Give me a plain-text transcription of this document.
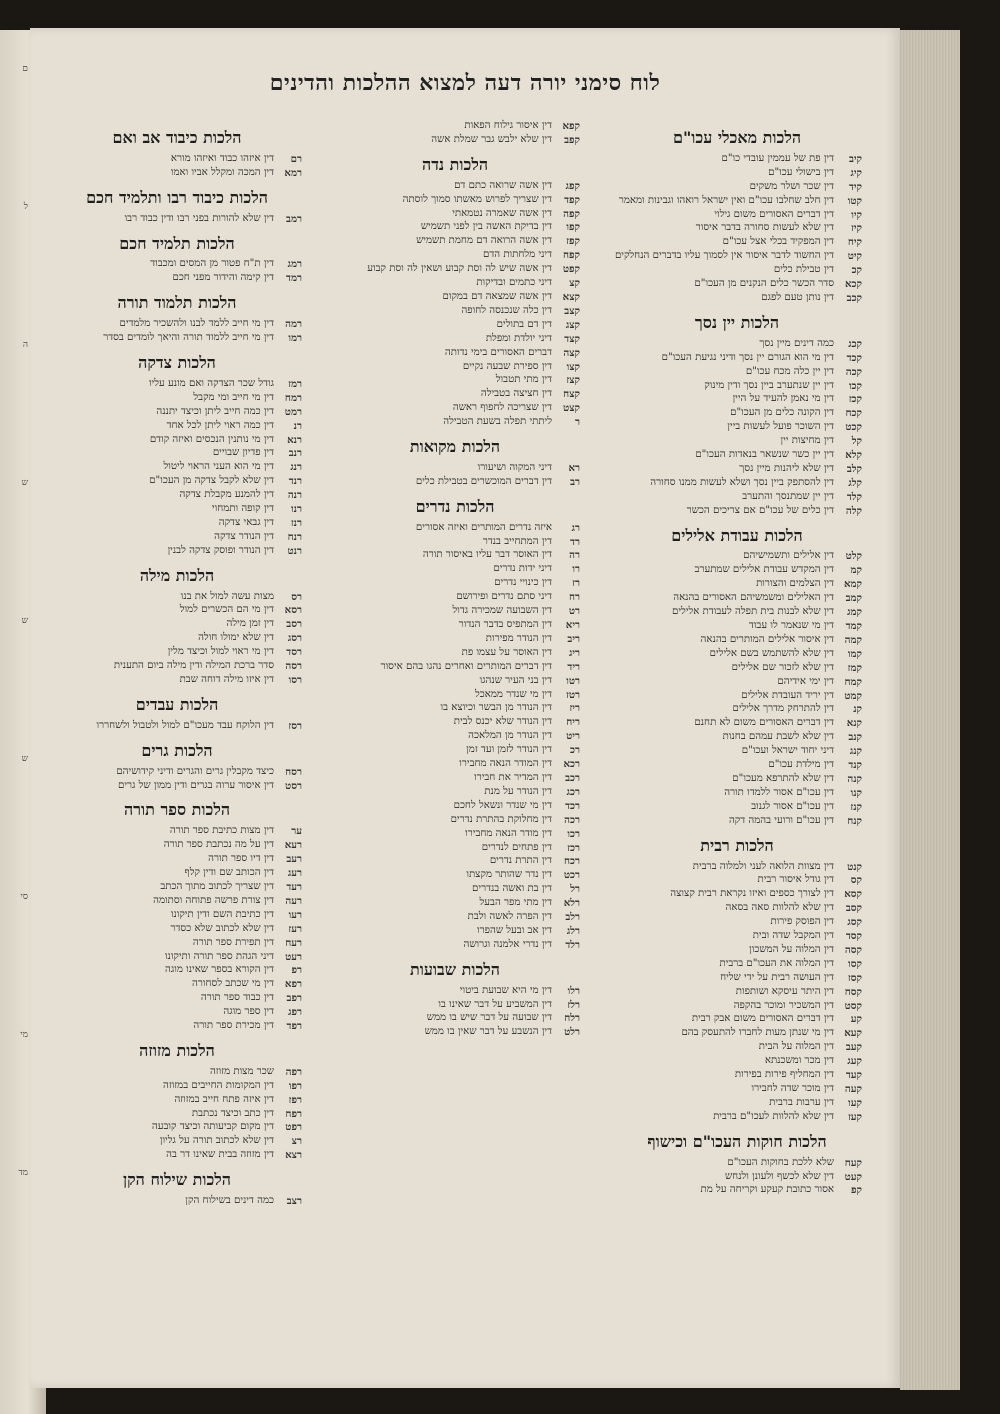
לוח סימני יורה דעה למצוא ההלכות והדינים
הלכות מאכלי עכו"ם
קיב
דין פת של עממין עובדי כו"ם
קיג
דין בישולי עכו"ם
קיד
דין שכר ושלר משקים
קטו
דין חלב שחלבו עכו"ם ואין ישראל רואהו וגבינות ומאמר
קיו
דין דברים האסורים משום גילוי
קיז
דין שלא לעשות סחורה בדבר איסור
קיח
דין המפקיד בכלי אצל עכו"ם
קיט
דין החשוד לדבר איסור אין לסמוך עליו בדברים הנחלקים
קכ
דין טבילת כלים
קכא
סדר הכשר כלים הנקנים מן העכו"ם
קכב
דין נותן טעם לפגם
הלכות יין נסך
קכג
כמה דינים מיין נסך
קכד
דין מי הוא הגורם יין נסך ודיני נגיעת העכו"ם
קכה
דין יין כלה מכח עכו"ם
קכו
דין יין שנתערב ביין נסך ודין מינוק
קכז
דין מי נאמן להעיד על היין
קכח
דין הקונה כלים מן העכו"ם
קכט
דין השוכר פועל לעשות ביין
קל
דין מחיצות יין
קלא
דין יין כשר שנשאר בנאדות העכו"ם
קלב
דין שלא ליהנות מיין נסך
קלג
דין להסתפק ביין נסך ושלא לעשות ממנו סחורה
קלד
דין יין שמתנסך והתערב
קלה
דין כלים של עכו"ם אם צריכים הכשר
הלכות עבודת אלילים
קלט
דין אלילים ותשמישיהם
קמ
דין המקדש עבודת אלילים שמתערב
קמא
דין הצלמים והצורות
קמב
דין האלילים ומשמשיהם האסורים בהנאה
קמג
דין שלא לבנות בית תפלה לעבודת אלילים
קמד
דין מי שנאמר לו עבוד
קמה
דין איסור אלילים המותרים בהנאה
קמו
דין שלא להשתמש בשם אלילים
קמז
דין שלא לזכור שם אלילים
קמח
דין ימי אידיהם
קמט
דין יריד העובדת אלילים
קנ
דין להתרחק מדרך אלילים
קנא
דין דברים האסורים משום לא תחנם
קנב
דין שלא לשבת עמהם בחנות
קנג
דיני יחוד ישראל ועכו"ם
קנד
דין מילדת עכו"ם
קנה
דין שלא להתרפא מעכו"ם
קנו
דין עכו"ם אסור ללמדו תורה
קנז
דין עכו"ם אסור לגנוב
קנח
דין עכו"ם ורועי בהמה דקה
הלכות רבית
קנט
דין מצוות הלואה לעני ולמלוה ברבית
קס
דין גודל איסור רבית
קסא
דין לצורך כספים ואיזו נקראת רבית קצוצה
קסב
דין שלא להלוות סאה בסאה
קסג
דין הפוסק פירות
קסד
דין המקבל שדה ובית
קסה
דין המלוה על המשכון
קסו
דין המלוה את העכו"ם ברבית
קסז
דין העושה רבית על ידי שליח
קסח
דין היתר עיסקא ושותפות
קסט
דין המשכיר ומוכר בהקפה
קע
דין דברים האסורים משום אבק רבית
קעא
דין מי שנתן מעות לחברו להתעסק בהם
קעב
דין המלוה על הבית
קעג
דין מכר ומשכנתא
קעד
דין המחליף פירות בפירות
קעה
דין מוכר שדה לחבירו
קעו
דין ערבות ברבית
קעז
דין שלא להלוות לעכו"ם ברבית
הלכות חוקות העכו"ם וכישוף
קעח
שלא ללכת בחוקות העכו"ם
קעט
דין שלא לכשף ולעונן ולנחש
קפ
אסור כתובת קעקע וקריחה על מת
קפא
דין איסור גילוח הפאות
קפב
דין שלא ילבש גבר שמלת אשה
הלכות נדה
קפג
דין אשה שרואה כתם דם
קפד
דין שצריך לפרוש מאשתו סמוך לוסתה
קפה
דין אשה שאמרה נטמאתי
קפו
דין בדיקת האשה בין לפני תשמיש
קפז
דין אשה הרואה דם מחמת תשמיש
קפח
דיני מלחתות הדם
קפט
דין אשה שיש לה וסת קבוע ושאין לה וסת קבוע
קצ
דיני כתמים ובדיקות
קצא
דין אשה שמצאה דם במקום
קצב
דין כלה שנכנסה לחופה
קצג
דין דם בתולים
קצד
דיני יולדת ומפלת
קצה
דברים האסורים בימי נדותה
קצו
דין ספירת שבעה נקיים
קצז
דין מתי תטבול
קצח
דין חציצה בטבילה
קצט
דין שצריכה לחפוף ראשה
ר
ליתתי תפלה בשעת הטבילה
הלכות מקואות
רא
דיני המקוה ושיעורו
רב
דין דברים המוכשרים בטבילת כלים
הלכות נדרים
רג
איזה נדרים המותרים ואיזה אסורים
רד
דין המתחייב בנדר
רה
דין האוסר דבר עליו באיסור תורה
רו
דיני ידות נדרים
רז
דין כינויי נדרים
רח
דיני סתם נדרים ופירושם
רט
דין השבועה שמכירה גדול
ריא
דין המתפיס בדבר הנדור
ריב
דין הנודר מפירות
ריג
דין האוסר על עצמו פת
ריד
דין דברים המותרים ואחרים נהגו בהם איסור
רטו
דין בני העיר שנהגו
רטז
דין מי שנדר ממאכל
ריז
דין הנודר מן הבשר וכיוצא בו
ריח
דין הנודר שלא יכנס לבית
ריט
דין הנודר מן המלאכה
רכ
דין הנודר לזמן ועד זמן
רכא
דין המודר הנאה מחבירו
רכב
דין המדיר את חבירו
רכג
דין הנודר על מנת
רכד
דין מי שנדר ונשאל לחכם
רכה
דין מחלוקת בהתרת נדרים
רכו
דין מודר הנאה מחבירו
רכז
דין פתחים לנדרים
רכח
דין התרת נדרים
רכט
דין נדר שהותר מקצתו
רל
דין בת ואשה בנדרים
רלא
דין מתי מפר הבעל
רלב
דין הפרה לאשה ולבת
רלג
דין אב ובעל שהפרו
רלד
דין נדרי אלמנה וגרושה
הלכות שבועות
רלו
דין מי היא שבועת ביטוי
רלז
דין המשביע על דבר שאינו בו
רלח
דין שבועה על דבר שיש בו ממש
רלט
דין הנשבע על דבר שאין בו ממש
הלכות כיבוד אב ואם
רם
דין איזהו כבוד ואיזהו מורא
רמא
דין המכה ומקלל אביו ואמו
הלכות כיבוד רבו ותלמיד חכם
רמב
דין שלא להורות בפני רבו ודין כבוד רבו
הלכות תלמיד חכם
רמג
דין ת"ח פטור מן המסים ומכבוד
רמד
דין קימה והידור מפני חכם
הלכות תלמוד תורה
רמה
דין מי חייב ללמד לבנו ולהשכיר מלמדים
רמו
דין מי חייב ללמוד תורה והיאך לומדים בסדר
הלכות צדקה
רמז
גודל שכר הצדקה ואם מונע עליו
רמח
דין מי חייב ומי מקבל
רמט
דין כמה חייב ליתן וכיצד יתננה
רנ
דין כמה ראוי ליתן לכל אחד
רנא
דין מי נותנין הנכסים ואיזה קודם
רנב
דין פדיון שבויים
רנג
דין מי הוא העני הראוי ליטול
רנד
דין שלא לקבל צדקה מן העכו"ם
רנה
דין להמנע מקבלת צדקה
רנו
דין קופה ותמחוי
רנז
דין גבאי צדקה
רנח
דין הנודר צדקה
רנט
דין הנודר ופוסק צדקה לבנין
הלכות מילה
רס
מצות עשה למול את בנו
רסא
דין מי הם הכשרים למול
רסב
דין זמן מילה
רסג
דין שלא ימולו חולה
רסד
דין מי ראוי למול וכיצד מלין
רסה
סדר ברכת המילה ודין מילה ביום התענית
רסו
דין איזו מילה דוחה שבת
הלכות עבדים
רסז
דין הלוקח עבד מעכו"ם למול ולטבול ולשחררו
הלכות גרים
רסח
כיצד מקבלין גרים והגרים ודיני קידושיהם
רסט
דין איסור ערוה בגרים ודין ממון של גרים
הלכות ספר תורה
ער
דין מצות כתיבת ספר תורה
רעא
דין על מה נכתבת ספר תורה
רעב
דין דיו ספר תורה
רעג
דין הכותב שם ודין קלף
רעד
דין שצריך לכתוב מתוך הכתב
רעה
דין צורת פרשה פתוחה וסתומה
רעו
דין כתיבת השם ודין תיקונו
רעז
דין שלא לכתוב שלא כסדר
רעח
דין תפירת ספר תורה
רעט
דיני הגהת ספר תורה ותיקונו
רפ
דין הקורא בספר שאינו מוגה
רפא
דין מי שכתב לסחורה
רפב
דין כבוד ספר תורה
רפג
דין ספר מוגה
רפד
דין מכירת ספר תורה
הלכות מזוזה
רפה
שכר מצות מזוזה
רפו
דין המקומות החייבים במזוזה
רפז
דין איזה פתח חייב במזוזה
רפח
דין כתב וכיצד נכתבת
רפט
דין מקום קביעותה וכיצד קובעה
רצ
דין שלא לכתוב תורה על גליון
רצא
דין מזוזה בבית שאינו דר בה
הלכות שילוח הקן
רצב
כמה דינים בשילוח הקן
ם
ל
ה
ש
ש
ש
סי
מי
מד
